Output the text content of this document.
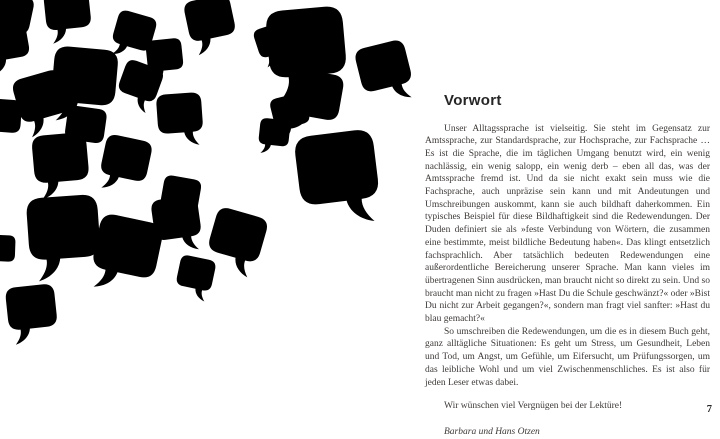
Vorwort

Unser Alltagssprache ist vielseitig. Sie steht im Gegensatz zur Amtssprache, zur Standardsprache, zur Hochsprache, zur Fachsprache … Es ist die Sprache, die im täglichen Umgang benutzt wird, ein wenig nachlässig, ein wenig salopp, ein wenig derb – eben all das, was der Amtssprache fremd ist. Und da sie nicht exakt sein muss wie die Fachsprache, auch unpräzise sein kann und mit Andeutungen und Umschreibungen auskommt, kann sie auch bildhaft daherkommen. Ein typisches Beispiel für diese Bildhaftigkeit sind die Redewendungen. Der Duden definiert sie als »feste Verbindung von Wörtern, die zusammen eine bestimmte, meist bildliche Bedeutung haben«. Das klingt entsetzlich fachsprachlich. Aber tatsächlich bedeuten Redewendungen eine außerordentliche Bereicherung unserer Sprache. Man kann vieles im übertragenen Sinn ausdrücken, man braucht nicht so direkt zu sein. Und so braucht man nicht zu fragen »Hast Du die Schule geschwänzt?« oder »Bist Du nicht zur Arbeit gegangen?«, sondern man fragt viel sanfter: »Hast du blau gemacht?«

So umschreiben die Redewendungen, um die es in diesem Buch geht, ganz alltägliche Situationen: Es geht um Stress, um Gesundheit, Leben und Tod, um Angst, um Gefühle, um Eifersucht, um Prüfungssorgen, um das leibliche Wohl und um viel Zwischenmenschliches. Es ist also für jeden Leser etwas dabei.

Wir wünschen viel Vergnügen bei der Lektüre!

Barbara und Hans Otzen

7
